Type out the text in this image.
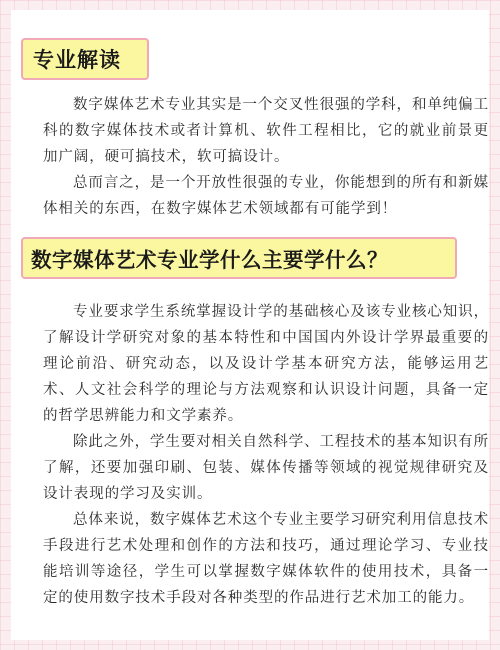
专业解读

数字媒体艺术专业其实是一个交叉性很强的学科，和单纯偏工科的数字媒体技术或者计算机、软件工程相比，它的就业前景更加广阔，硬可搞技术，软可搞设计。

总而言之，是一个开放性很强的专业，你能想到的所有和新媒体相关的东西，在数字媒体艺术领域都有可能学到！

数字媒体艺术专业学什么主要学什么？

专业要求学生系统掌握设计学的基础核心及该专业核心知识，了解设计学研究对象的基本特性和中国国内外设计学界最重要的理论前沿、研究动态，以及设计学基本研究方法，能够运用艺术、人文社会科学的理论与方法观察和认识设计问题，具备一定的哲学思辨能力和文学素养。

除此之外，学生要对相关自然科学、工程技术的基本知识有所了解，还要加强印刷、包装、媒体传播等领域的视觉规律研究及设计表现的学习及实训。

总体来说，数字媒体艺术这个专业主要学习研究利用信息技术手段进行艺术处理和创作的方法和技巧，通过理论学习、专业技能培训等途径，学生可以掌握数字媒体软件的使用技术，具备一定的使用数字技术手段对各种类型的作品进行艺术加工的能力。
